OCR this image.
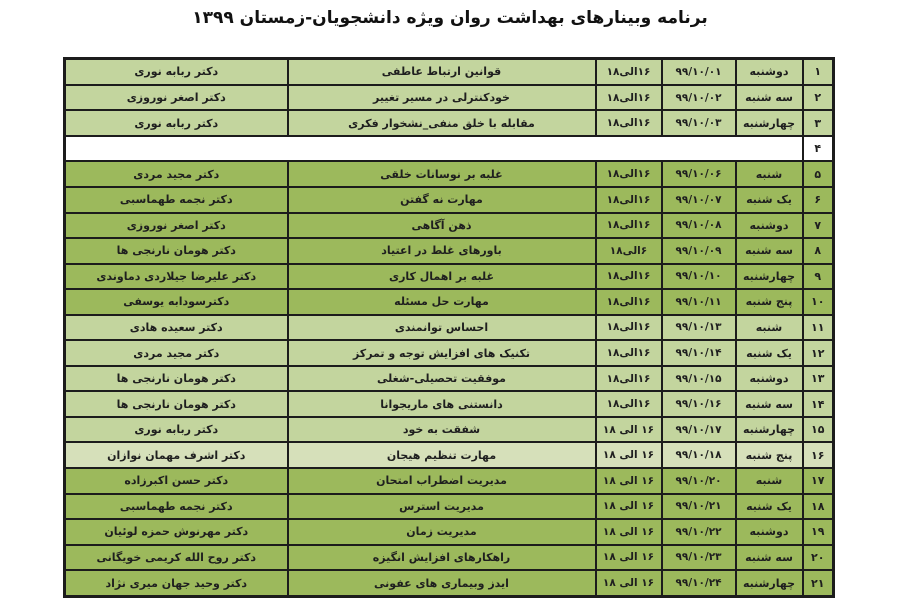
برنامه وبینارهای بهداشت روان ویژه دانشجویان-زمستان ۱۳۹۹
۱	دوشنبه	۹۹/۱۰/۰۱	۱۶الی۱۸	قوانین ارتباط عاطفی	دکتر ربابه نوری
۲	سه شنبه	۹۹/۱۰/۰۲	۱۶الی۱۸	خودکنترلی در مسیر تغییر	دکتر اصغر نوروزی
۳	چهارشنبه	۹۹/۱۰/۰۳	۱۶الی۱۸	مقابله با خلق منفی_نشخوار فکری	دکتر ربابه نوری
۴					
۵	شنبه	۹۹/۱۰/۰۶	۱۶الی۱۸	غلبه بر نوسانات خلقی	دکتر مجید مردی
۶	یک شنبه	۹۹/۱۰/۰۷	۱۶الی۱۸	مهارت نه گفتن	دکتر نجمه طهماسبی
۷	دوشنبه	۹۹/۱۰/۰۸	۱۶الی۱۸	ذهن آگاهی	دکتر اصغر نوروزی
۸	سه شنبه	۹۹/۱۰/۰۹	۶الی۱۸	باورهای غلط در اعتیاد	دکتر هومان نارنجی ها
۹	چهارشنبه	۹۹/۱۰/۱۰	۱۶الی۱۸	غلبه بر اهمال کاری	دکتر علیرضا جیلاردی دماوندی
۱۰	پنج شنبه	۹۹/۱۰/۱۱	۱۶الی۱۸	مهارت حل مسئله	دکترسودابه یوسفی
۱۱	شنبه	۹۹/۱۰/۱۳	۱۶الی۱۸	احساس توانمندی	دکتر سعیده هادی
۱۲	یک شنبه	۹۹/۱۰/۱۴	۱۶الی۱۸	تکنیک های افزایش توجه و تمرکز	دکتر مجید مردی
۱۳	دوشنبه	۹۹/۱۰/۱۵	۱۶الی۱۸	موفقیت تحصیلی-شغلی	دکتر هومان نارنجی ها
۱۴	سه شنبه	۹۹/۱۰/۱۶	۱۶الی۱۸	دانستنی های ماریجوانا	دکتر هومان نارنجی ها
۱۵	چهارشنبه	۹۹/۱۰/۱۷	۱۶ الی ۱۸	شفقت به خود	دکتر ربابه نوری
۱۶	پنج شنبه	۹۹/۱۰/۱۸	۱۶ الی ۱۸	مهارت تنظیم هیجان	دکتر اشرف مهمان نوازان
۱۷	شنبه	۹۹/۱۰/۲۰	۱۶ الی ۱۸	مدیریت اضطراب امتحان	دکتر حسن اکبرزاده
۱۸	یک شنبه	۹۹/۱۰/۲۱	۱۶ الی ۱۸	مدیریت استرس	دکتر نجمه طهماسبی
۱۹	دوشنبه	۹۹/۱۰/۲۲	۱۶ الی ۱۸	مدیریت زمان	دکتر مهرنوش حمزه لوئیان
۲۰	سه شنبه	۹۹/۱۰/۲۳	۱۶ الی ۱۸	راهکارهای افزایش انگیزه	دکتر روح الله کریمی خویگانی
۲۱	چهارشنبه	۹۹/۱۰/۲۴	۱۶ الی ۱۸	ایدز وبیماری های عفونی	دکتر وحید جهان میری نژاد
